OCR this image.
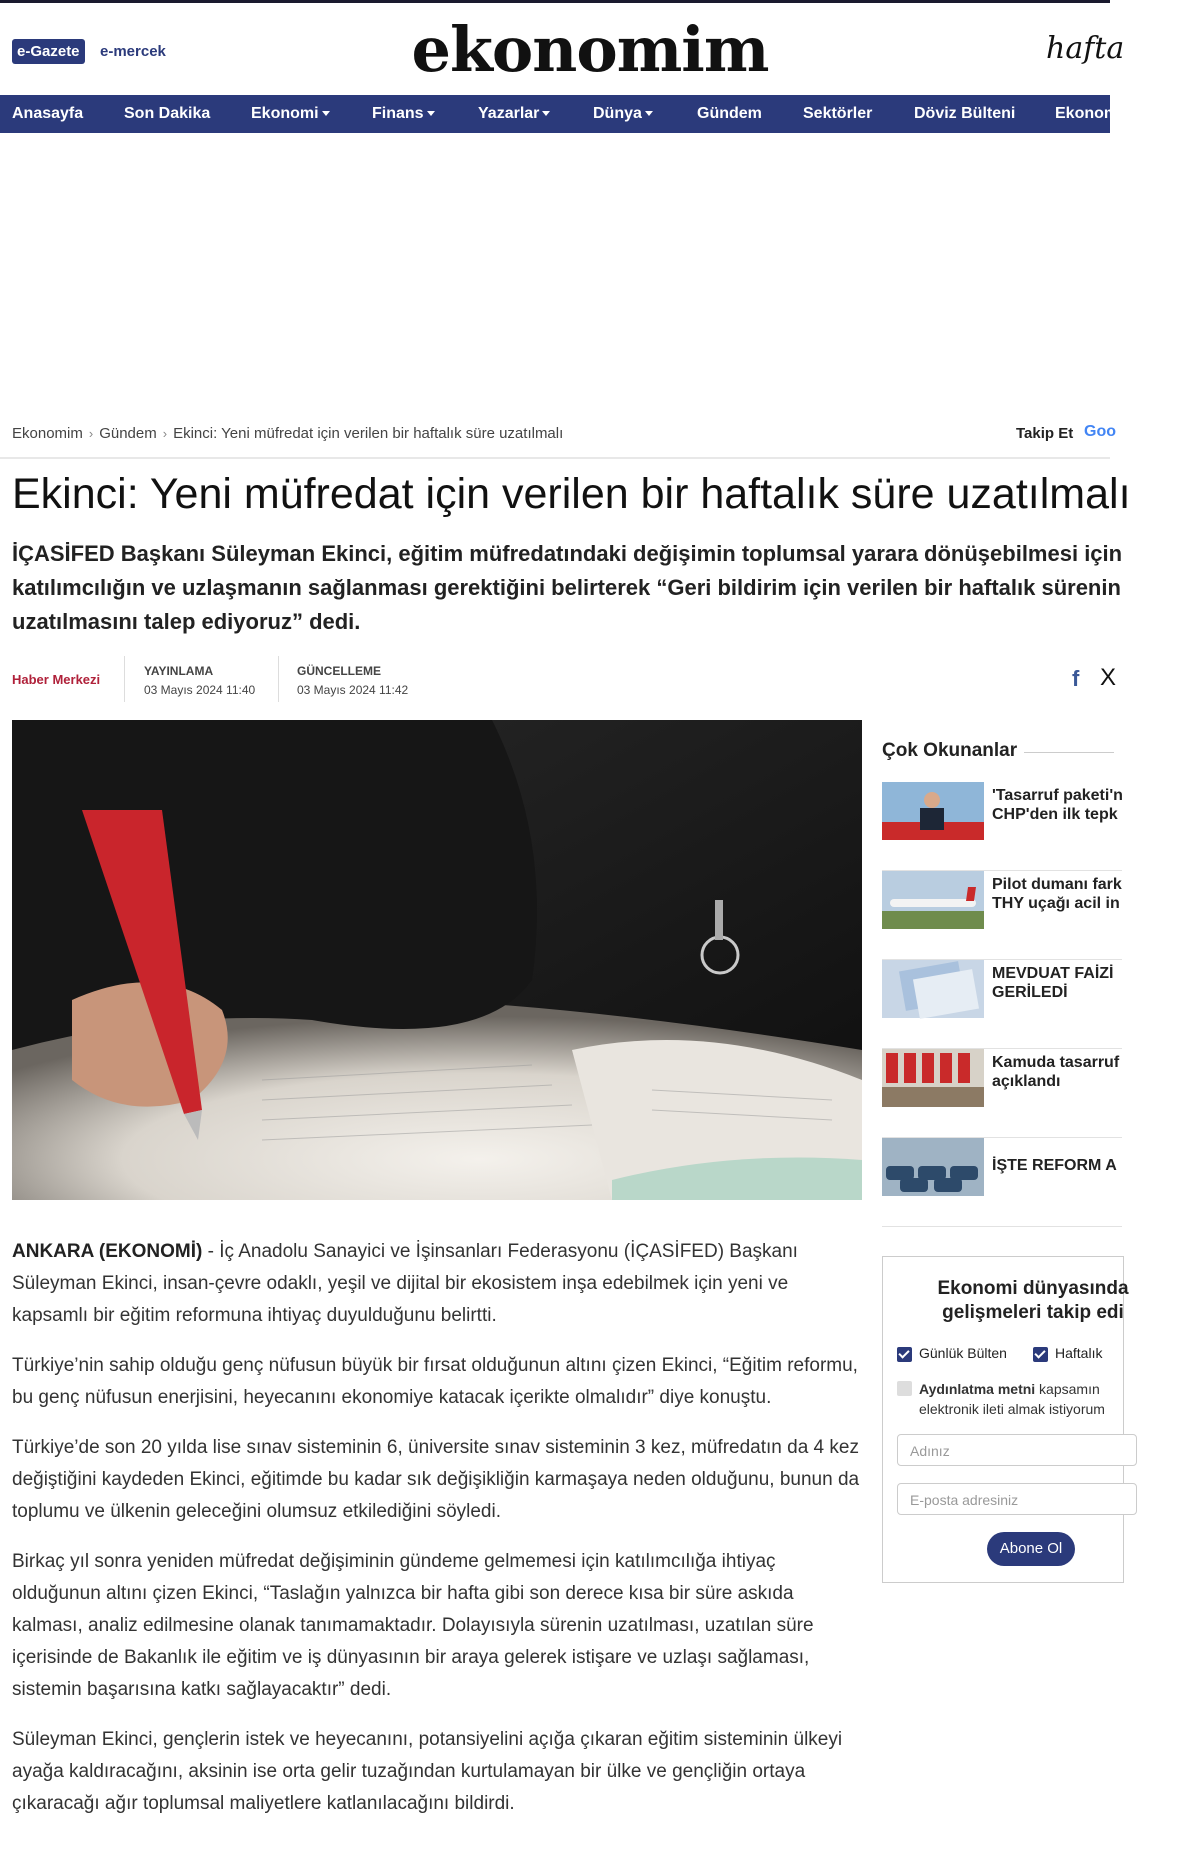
e-Gazete	e-mercek	ekonomim	hafta
Anasayfa	Son Dakika	Ekonomi	Finans	Yazarlar	Dünya	Gündem	Sektörler	Döviz Bülteni Ekonom
Ekonomim › Gündem › Ekinci: Yeni müfredat için verilen bir haftalık süre uzatılmalı	Takip Et Goo
Ekinci: Yeni müfredat için verilen bir haftalık süre uzatılmalı

İÇASİFED Başkanı Süleyman Ekinci, eğitim müfredatındaki değişimin toplumsal yarara dönüşebilmesi için katılımcılığın ve uzlaşmanın sağlanması gerektiğini belirterek “Geri bildirim için verilen bir haftalık sürenin uzatılmasını talep ediyoruz” dedi.

Haber Merkezi
YAYINLAMA
03 Mayıs 2024 11:40
GÜNCELLEME
03 Mayıs 2024 11:42	f X

ANKARA (EKONOMİ) - İç Anadolu Sanayici ve İşinsanları Federasyonu (İÇASİFED) Başkanı Süleyman Ekinci, insan-çevre odaklı, yeşil ve dijital bir ekosistem inşa edebilmek için yeni ve kapsamlı bir eğitim reformuna ihtiyaç duyulduğunu belirtti.

Türkiye’nin sahip olduğu genç nüfusun büyük bir fırsat olduğunun altını çizen Ekinci, “Eğitim reformu, bu genç nüfusun enerjisini, heyecanını ekonomiye katacak içerikte olmalıdır” diye konuştu.

Türkiye’de son 20 yılda lise sınav sisteminin 6, üniversite sınav sisteminin 3 kez, müfredatın da 4 kez değiştiğini kaydeden Ekinci, eğitimde bu kadar sık değişikliğin karmaşaya neden olduğunu, bunun da toplumu ve ülkenin geleceğini olumsuz etkilediğini söyledi.

Birkaç yıl sonra yeniden müfredat değişiminin gündeme gelmemesi için katılımcılığa ihtiyaç olduğunun altını çizen Ekinci, “Taslağın yalnızca bir hafta gibi son derece kısa bir süre askıda kalması, analiz edilmesine olanak tanımamaktadır. Dolayısıyla sürenin uzatılması, uzatılan süre içerisinde de Bakanlık ile eğitim ve iş dünyasının bir araya gelerek istişare ve uzlaşı sağlaması, sistemin başarısına katkı sağlayacaktır” dedi.

Süleyman Ekinci, gençlerin istek ve heyecanını, potansiyelini açığa çıkaran eğitim sisteminin ülkeyi ayağa kaldıracağını, aksinin ise orta gelir tuzağından kurtulamayan bir ülke ve gençliğin ortaya çıkaracağı ağır toplumsal maliyetlere katlanılacağını bildirdi.

Çok Okunanlar
'Tasarruf paketi'n
CHP'den ilk tepk
Pilot dumanı fark
THY uçağı acil in
MEVDUAT FAİZİ
GERİLEDİ
Kamuda tasarruf
açıklandı
İŞTE REFORM A
Ekonomi dünyasında
gelişmeleri takip edi
Günlük Bülten	Haftalık
Aydınlatma metni kapsamın elektronik ileti almak istiyorum
Adınız
E-posta adresiniz
Abone Ol
